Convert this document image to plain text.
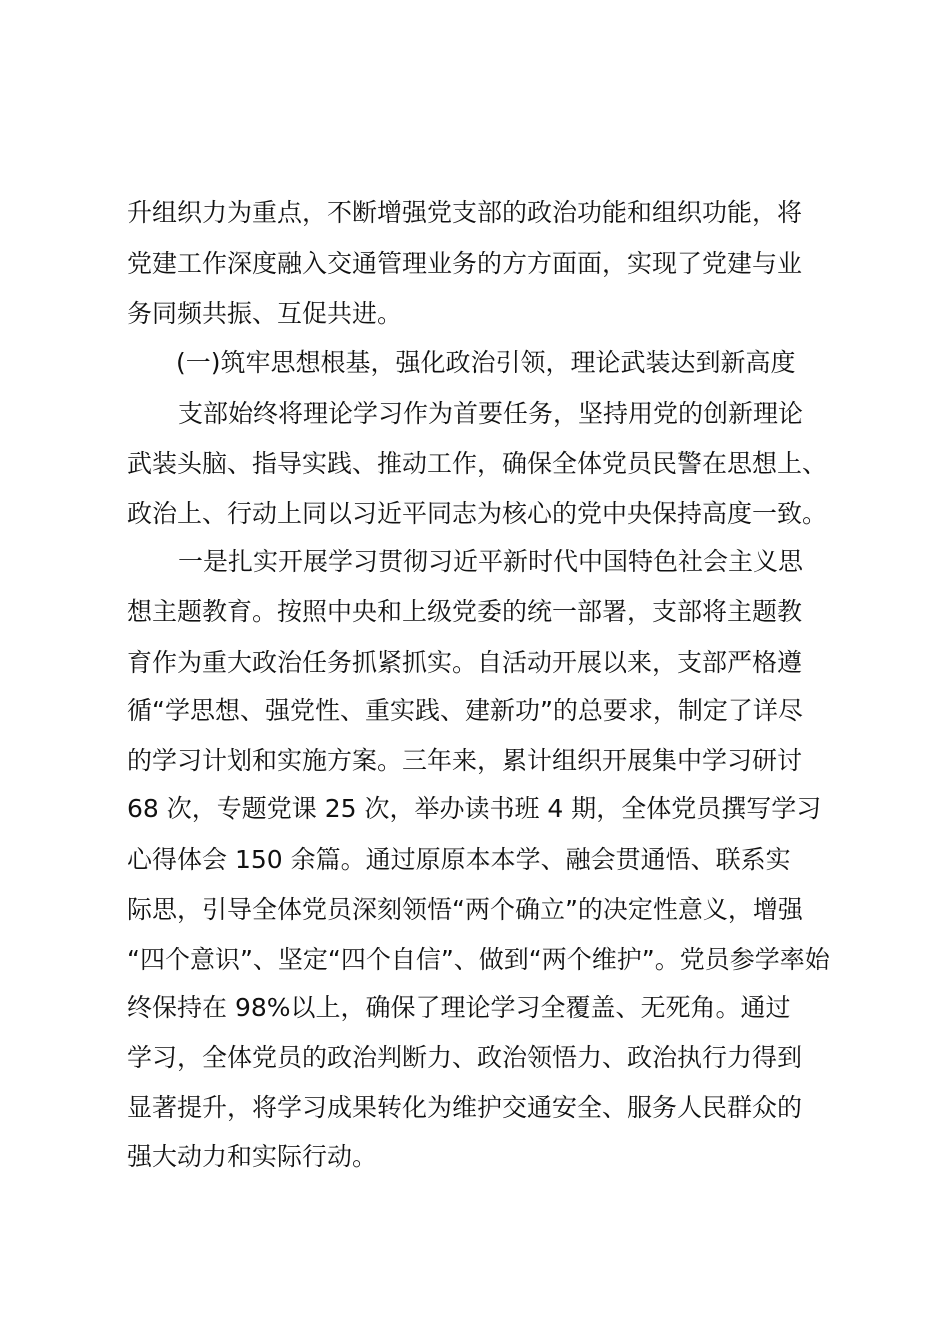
升组织力为重点，不断增强党支部的政治功能和组织功能，将
党建工作深度融入交通管理业务的方方面面，实现了党建与业
务同频共振、互促共进。
(一)筑牢思想根基，强化政治引领，理论武装达到新高度
支部始终将理论学习作为首要任务，坚持用党的创新理论
武装头脑、指导实践、推动工作，确保全体党员民警在思想上、
政治上、行动上同以习近平同志为核心的党中央保持高度一致。
一是扎实开展学习贯彻习近平新时代中国特色社会主义思
想主题教育。按照中央和上级党委的统一部署，支部将主题教
育作为重大政治任务抓紧抓实。自活动开展以来，支部严格遵
循“学思想、强党性、重实践、建新功”的总要求，制定了详尽
的学习计划和实施方案。三年来，累计组织开展集中学习研讨
68 次，专题党课 25 次，举办读书班 4 期，全体党员撰写学习
心得体会 150 余篇。通过原原本本学、融会贯通悟、联系实
际思，引导全体党员深刻领悟“两个确立”的决定性意义，增强
“四个意识”、坚定“四个自信”、做到“两个维护”。党员参学率始
终保持在 98%以上，确保了理论学习全覆盖、无死角。通过
学习，全体党员的政治判断力、政治领悟力、政治执行力得到
显著提升，将学习成果转化为维护交通安全、服务人民群众的
强大动力和实际行动。
